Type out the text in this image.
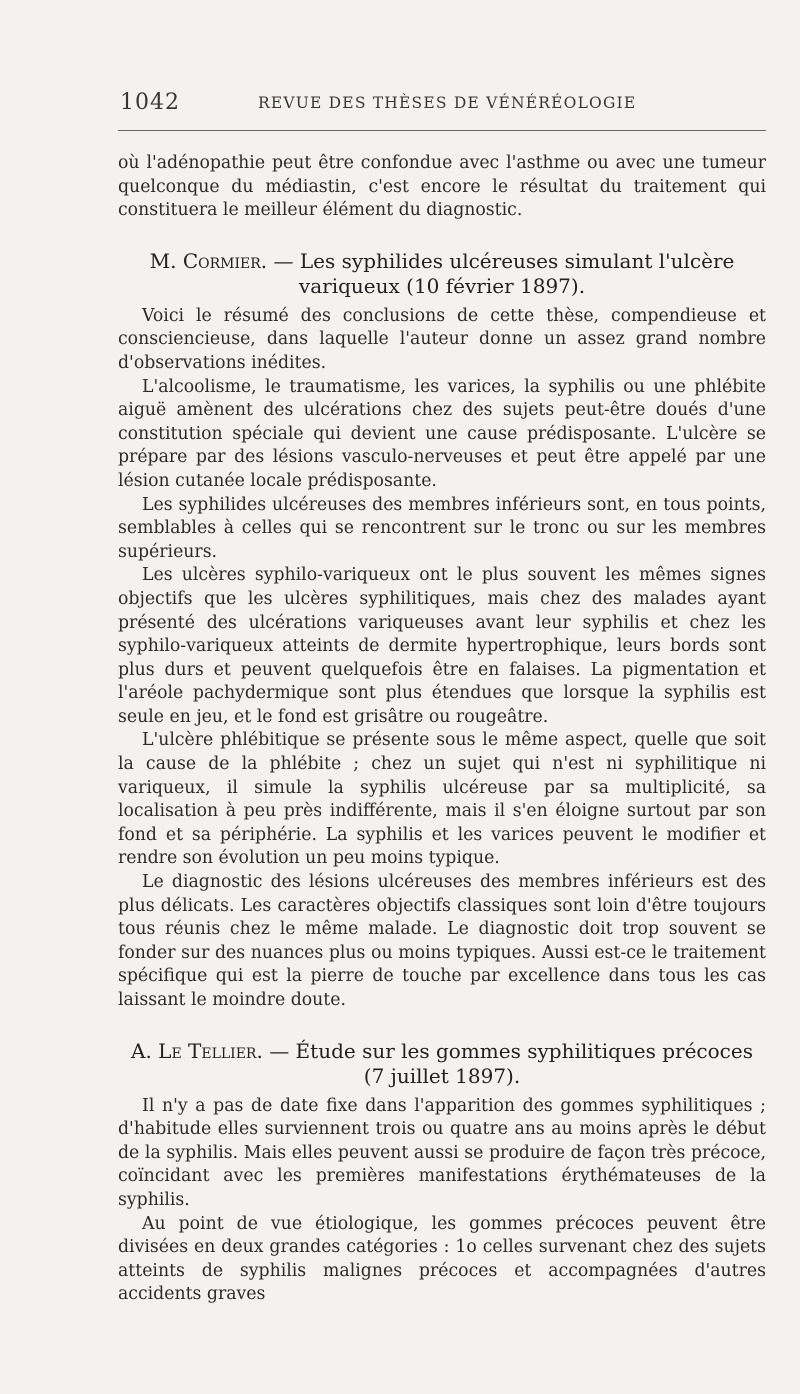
1042	REVUE DES THÈSES DE VÉNÉRÉOLOGIE

où l'adénopathie peut être confondue avec l'asthme ou avec une tumeur quelconque du médiastin, c'est encore le résultat du traitement qui constituera le meilleur élément du diagnostic.

M. Cormier. — Les syphilides ulcéreuses simulant l'ulcère variqueux (10 février 1897).

Voici le résumé des conclusions de cette thèse, compendieuse et consciencieuse, dans laquelle l'auteur donne un assez grand nombre d'observations inédites.

L'alcoolisme, le traumatisme, les varices, la syphilis ou une phlébite aiguë amènent des ulcérations chez des sujets peut-être doués d'une constitution spéciale qui devient une cause prédisposante. L'ulcère se prépare par des lésions vasculo-nerveuses et peut être appelé par une lésion cutanée locale prédisposante.

Les syphilides ulcéreuses des membres inférieurs sont, en tous points, semblables à celles qui se rencontrent sur le tronc ou sur les membres supérieurs.

Les ulcères syphilo-variqueux ont le plus souvent les mêmes signes objectifs que les ulcères syphilitiques, mais chez des malades ayant présenté des ulcérations variqueuses avant leur syphilis et chez les syphilo-variqueux atteints de dermite hypertrophique, leurs bords sont plus durs et peuvent quelquefois être en falaises. La pigmentation et l'aréole pachydermique sont plus étendues que lorsque la syphilis est seule en jeu, et le fond est grisâtre ou rougeâtre.

L'ulcère phlébitique se présente sous le même aspect, quelle que soit la cause de la phlébite ; chez un sujet qui n'est ni syphilitique ni variqueux, il simule la syphilis ulcéreuse par sa multiplicité, sa localisation à peu près indifférente, mais il s'en éloigne surtout par son fond et sa périphérie. La syphilis et les varices peuvent le modifier et rendre son évolution un peu moins typique.

Le diagnostic des lésions ulcéreuses des membres inférieurs est des plus délicats. Les caractères objectifs classiques sont loin d'être toujours tous réunis chez le même malade. Le diagnostic doit trop souvent se fonder sur des nuances plus ou moins typiques. Aussi est-ce le traitement spécifique qui est la pierre de touche par excellence dans tous les cas laissant le moindre doute.

A. Le Tellier. — Étude sur les gommes syphilitiques précoces (7 juillet 1897).

Il n'y a pas de date fixe dans l'apparition des gommes syphilitiques ; d'habitude elles surviennent trois ou quatre ans au moins après le début de la syphilis. Mais elles peuvent aussi se produire de façon très précoce, coïncidant avec les premières manifestations érythémateuses de la syphilis.

Au point de vue étiologique, les gommes précoces peuvent être divisées en deux grandes catégories : 1o celles survenant chez des sujets atteints de syphilis malignes précoces et accompagnées d'autres accidents graves
